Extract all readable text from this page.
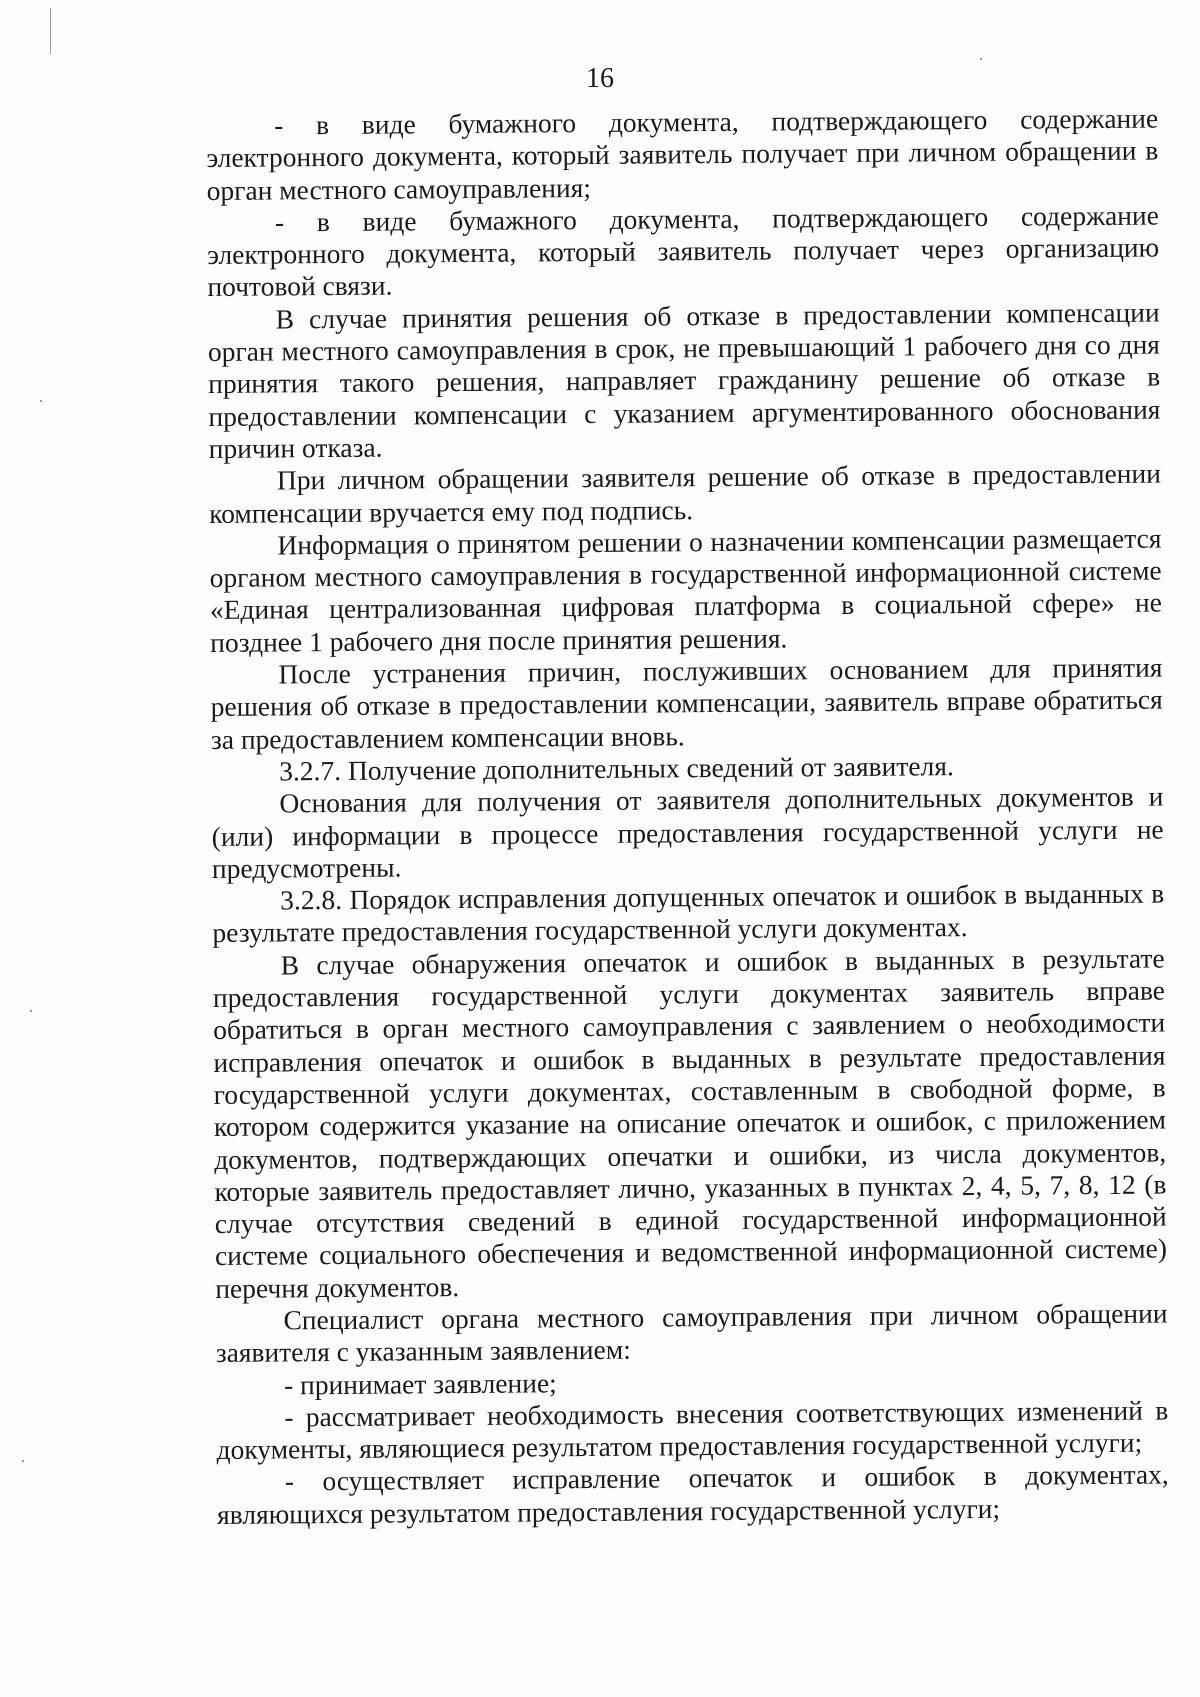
16

- в виде бумажного документа, подтверждающего содержание электронного документа, который заявитель получает при личном обращении в орган местного самоуправления;

- в виде бумажного документа, подтверждающего содержание электронного документа, который заявитель получает через организацию почтовой связи.

В случае принятия решения об отказе в предоставлении компенсации орган местного самоуправления в срок, не превышающий 1 рабочего дня со дня принятия такого решения, направляет гражданину решение об отказе в предоставлении компенсации с указанием аргументированного обоснования причин отказа.

При личном обращении заявителя решение об отказе в предоставлении компенсации вручается ему под подпись.

Информация о принятом решении о назначении компенсации размещается органом местного самоуправления в государственной информационной системе «Единая централизованная цифровая платформа в социальной сфере» не позднее 1 рабочего дня после принятия решения.

После устранения причин, послуживших основанием для принятия решения об отказе в предоставлении компенсации, заявитель вправе обратиться за предоставлением компенсации вновь.

3.2.7. Получение дополнительных сведений от заявителя.

Основания для получения от заявителя дополнительных документов и (или) информации в процессе предоставления государственной услуги не предусмотрены.

3.2.8. Порядок исправления допущенных опечаток и ошибок в выданных в результате предоставления государственной услуги документах.

В случае обнаружения опечаток и ошибок в выданных в результате предоставления государственной услуги документах заявитель вправе обратиться в орган местного самоуправления с заявлением о необходимости исправления опечаток и ошибок в выданных в результате предоставления государственной услуги документах, составленным в свободной форме, в котором содержится указание на описание опечаток и ошибок, с приложением документов, подтверждающих опечатки и ошибки, из числа документов, которые заявитель предоставляет лично, указанных в пунктах 2, 4, 5, 7, 8, 12 (в случае отсутствия сведений в единой государственной информационной системе социального обеспечения и ведомственной информационной системе) перечня документов.

Специалист органа местного самоуправления при личном обращении заявителя с указанным заявлением:

- принимает заявление;

- рассматривает необходимость внесения соответствующих изменений в документы, являющиеся результатом предоставления государственной услуги;

- осуществляет исправление опечаток и ошибок в документах, являющихся результатом предоставления государственной услуги;
